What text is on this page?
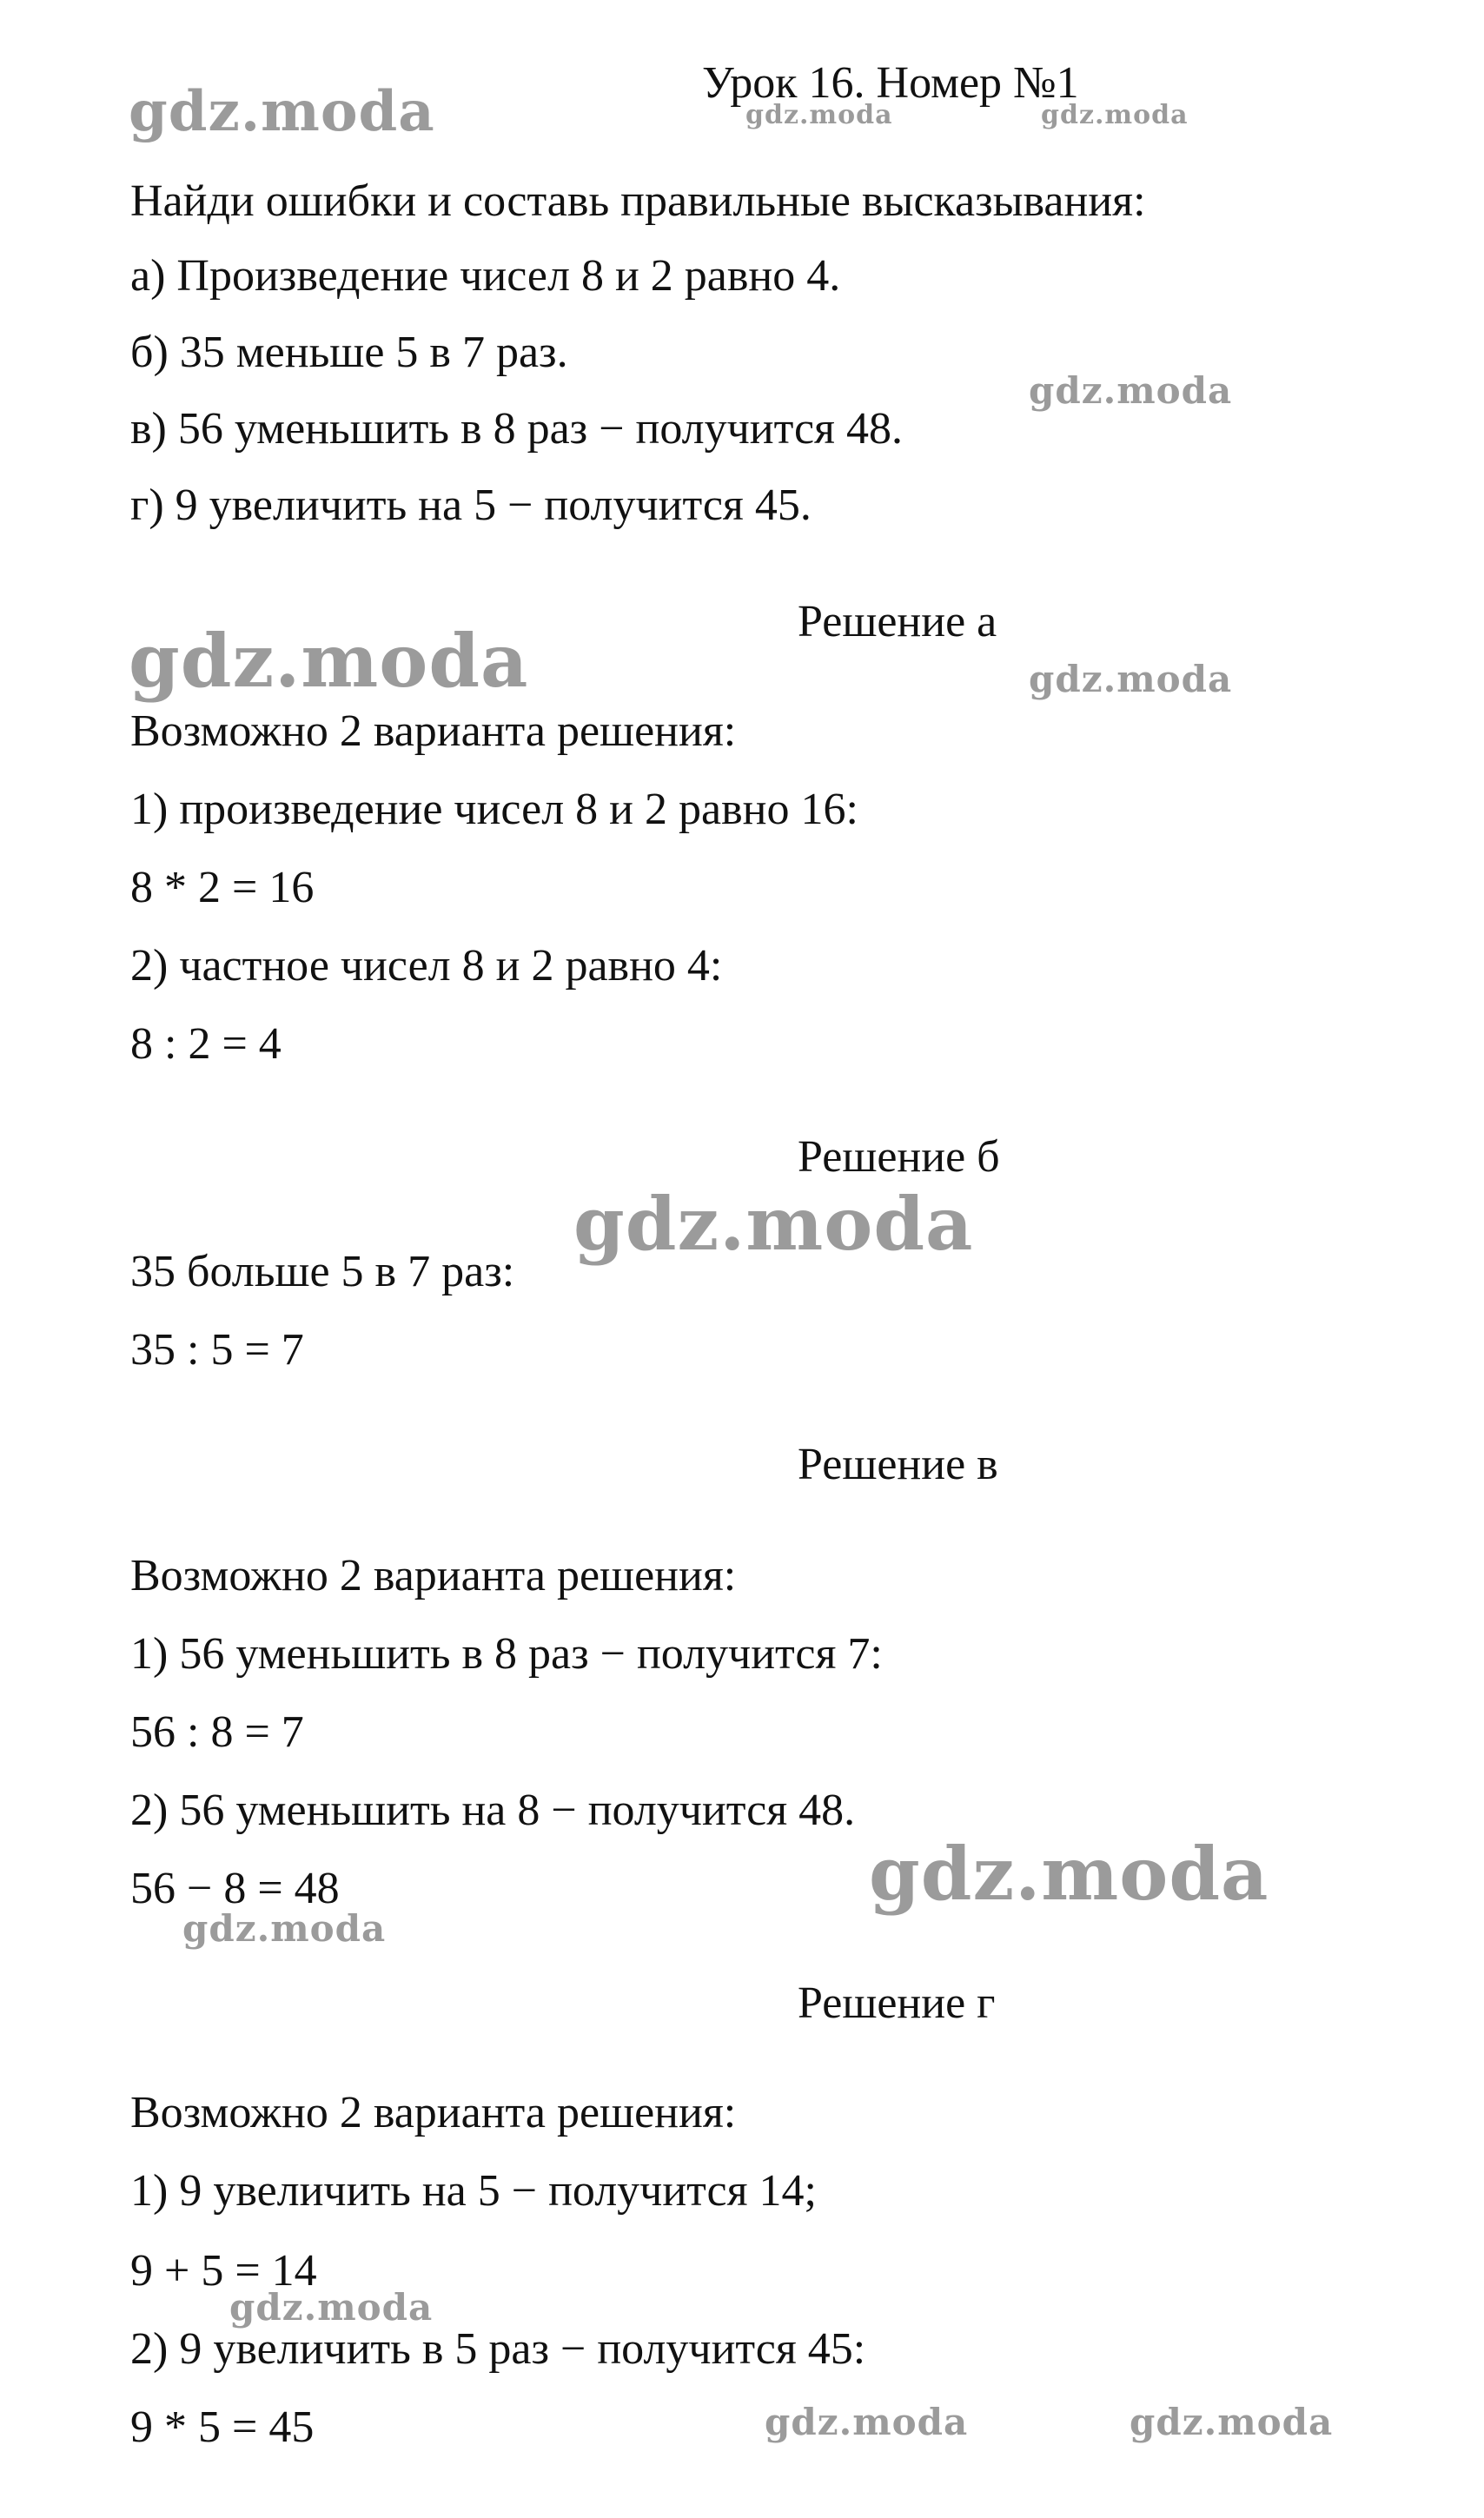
Урок 16. Номер №1
Найди ошибки и составь правильные высказывания:
а) Произведение чисел 8 и 2 равно 4.
б) 35 меньше 5 в 7 раз.
в) 56 уменьшить в 8 раз − получится 48.
г) 9 увеличить на 5 − получится 45.
Решение а
Возможно 2 варианта решения:
1) произведение чисел 8 и 2 равно 16:
8 * 2 = 16
2) частное чисел 8 и 2 равно 4:
8 : 2 = 4
Решение б
35 больше 5 в 7 раз:
35 : 5 = 7
Решение в
Возможно 2 варианта решения:
1) 56 уменьшить в 8 раз − получится 7:
56 : 8 = 7
2) 56 уменьшить на 8 − получится 48.
56 − 8 = 48
Решение г
Возможно 2 варианта решения:
1) 9 увеличить на 5 − получится 14;
9 + 5 = 14
2) 9 увеличить в 5 раз − получится 45:
9 * 5 = 45
gdz.moda	gdz.moda	gdz.moda
gdz.moda
gdz.moda	gdz.moda
gdz.moda
gdz.moda
gdz.moda
gdz.moda
gdz.moda	gdz.moda
